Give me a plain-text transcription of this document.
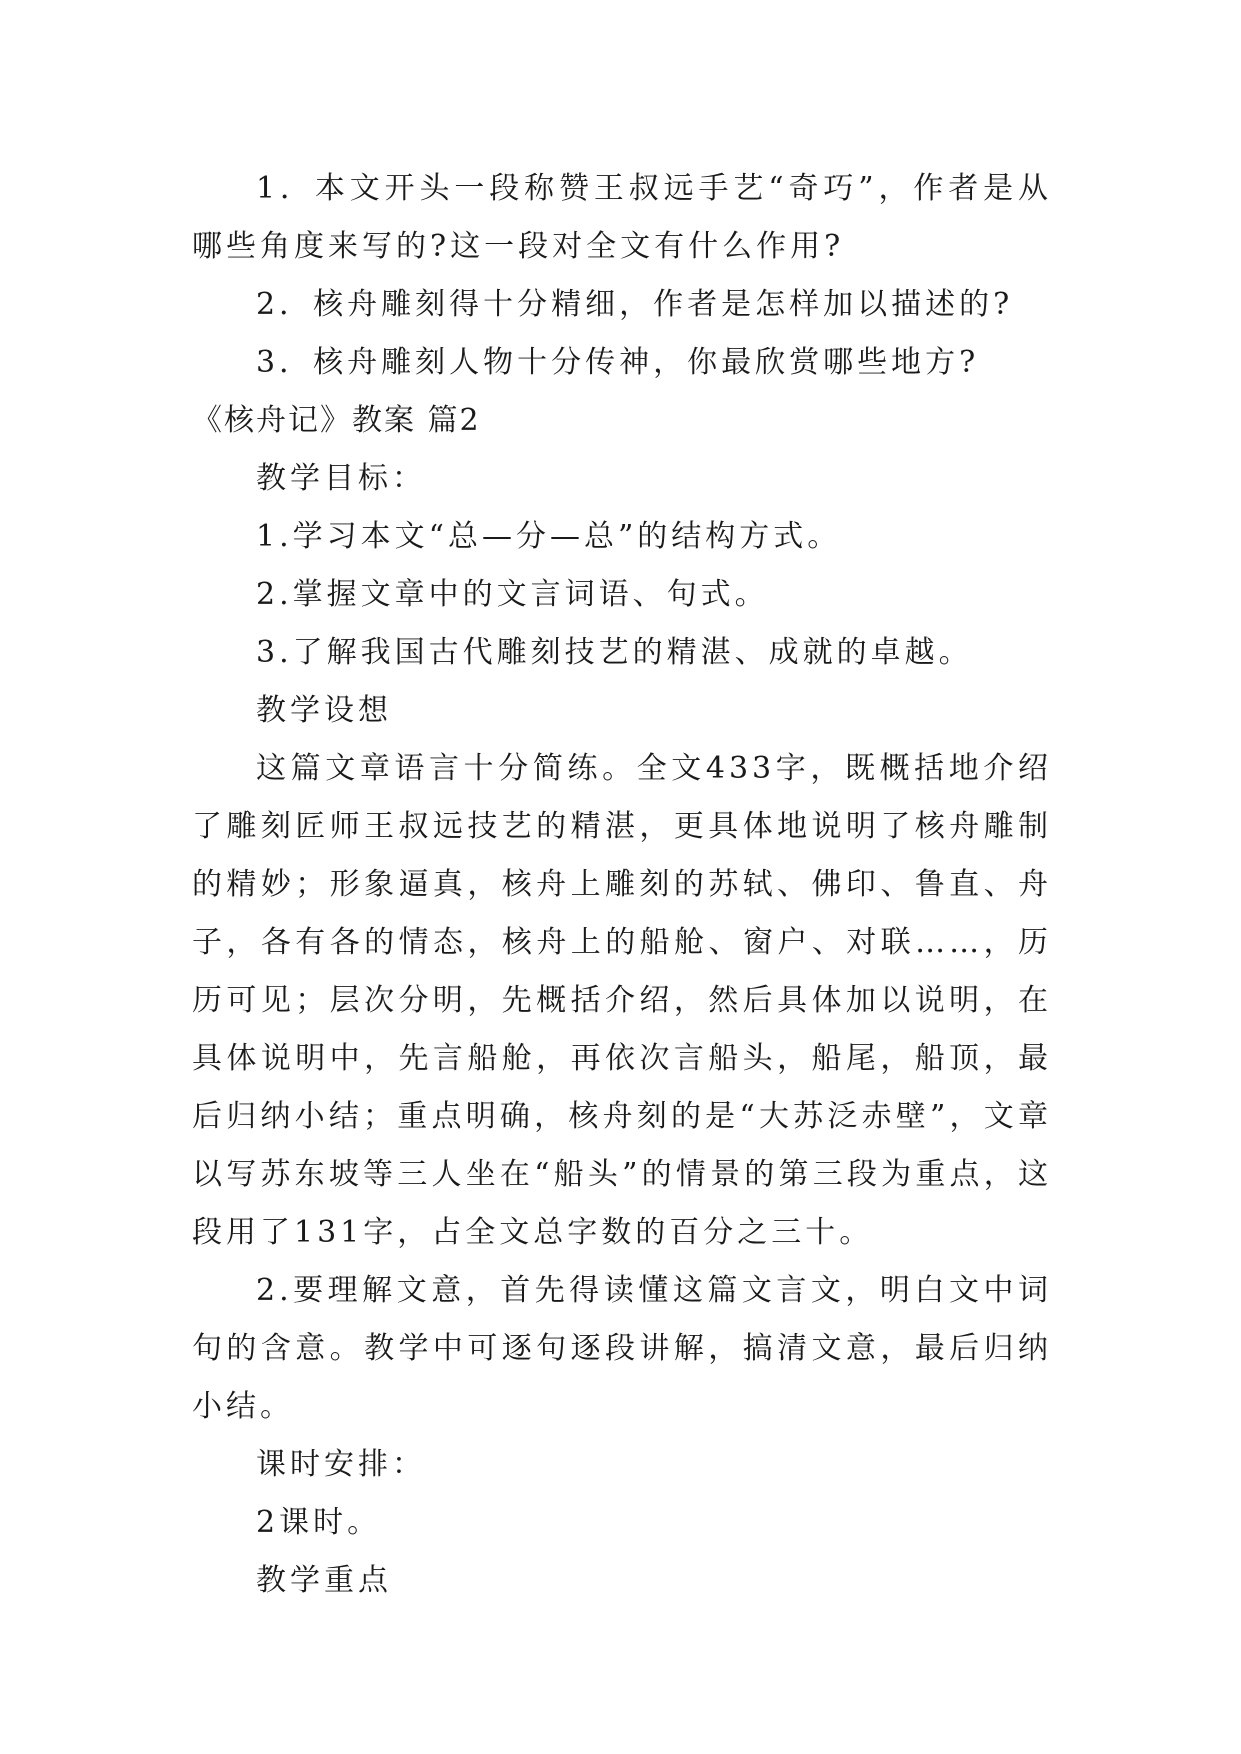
1．本文开头一段称赞王叔远手艺“奇巧”，作者是从哪些角度来写的?这一段对全文有什么作用?

2．核舟雕刻得十分精细，作者是怎样加以描述的?

3．核舟雕刻人物十分传神，你最欣赏哪些地方?

《核舟记》教案 篇2

教学目标：

1.学习本文“总—分—总”的结构方式。

2.掌握文章中的文言词语、句式。

3.了解我国古代雕刻技艺的精湛、成就的卓越。

教学设想

这篇文章语言十分简练。全文433字，既概括地介绍了雕刻匠师王叔远技艺的精湛，更具体地说明了核舟雕制的精妙；形象逼真，核舟上雕刻的苏轼、佛印、鲁直、舟子，各有各的情态，核舟上的船舱、窗户、对联……，历历可见；层次分明，先概括介绍，然后具体加以说明，在具体说明中，先言船舱，再依次言船头，船尾，船顶，最后归纳小结；重点明确，核舟刻的是“大苏泛赤壁”，文章以写苏东坡等三人坐在“船头”的情景的第三段为重点，这段用了131字，占全文总字数的百分之三十。

2.要理解文意，首先得读懂这篇文言文，明白文中词句的含意。教学中可逐句逐段讲解，搞清文意，最后归纳小结。

课时安排：

2课时。

教学重点
